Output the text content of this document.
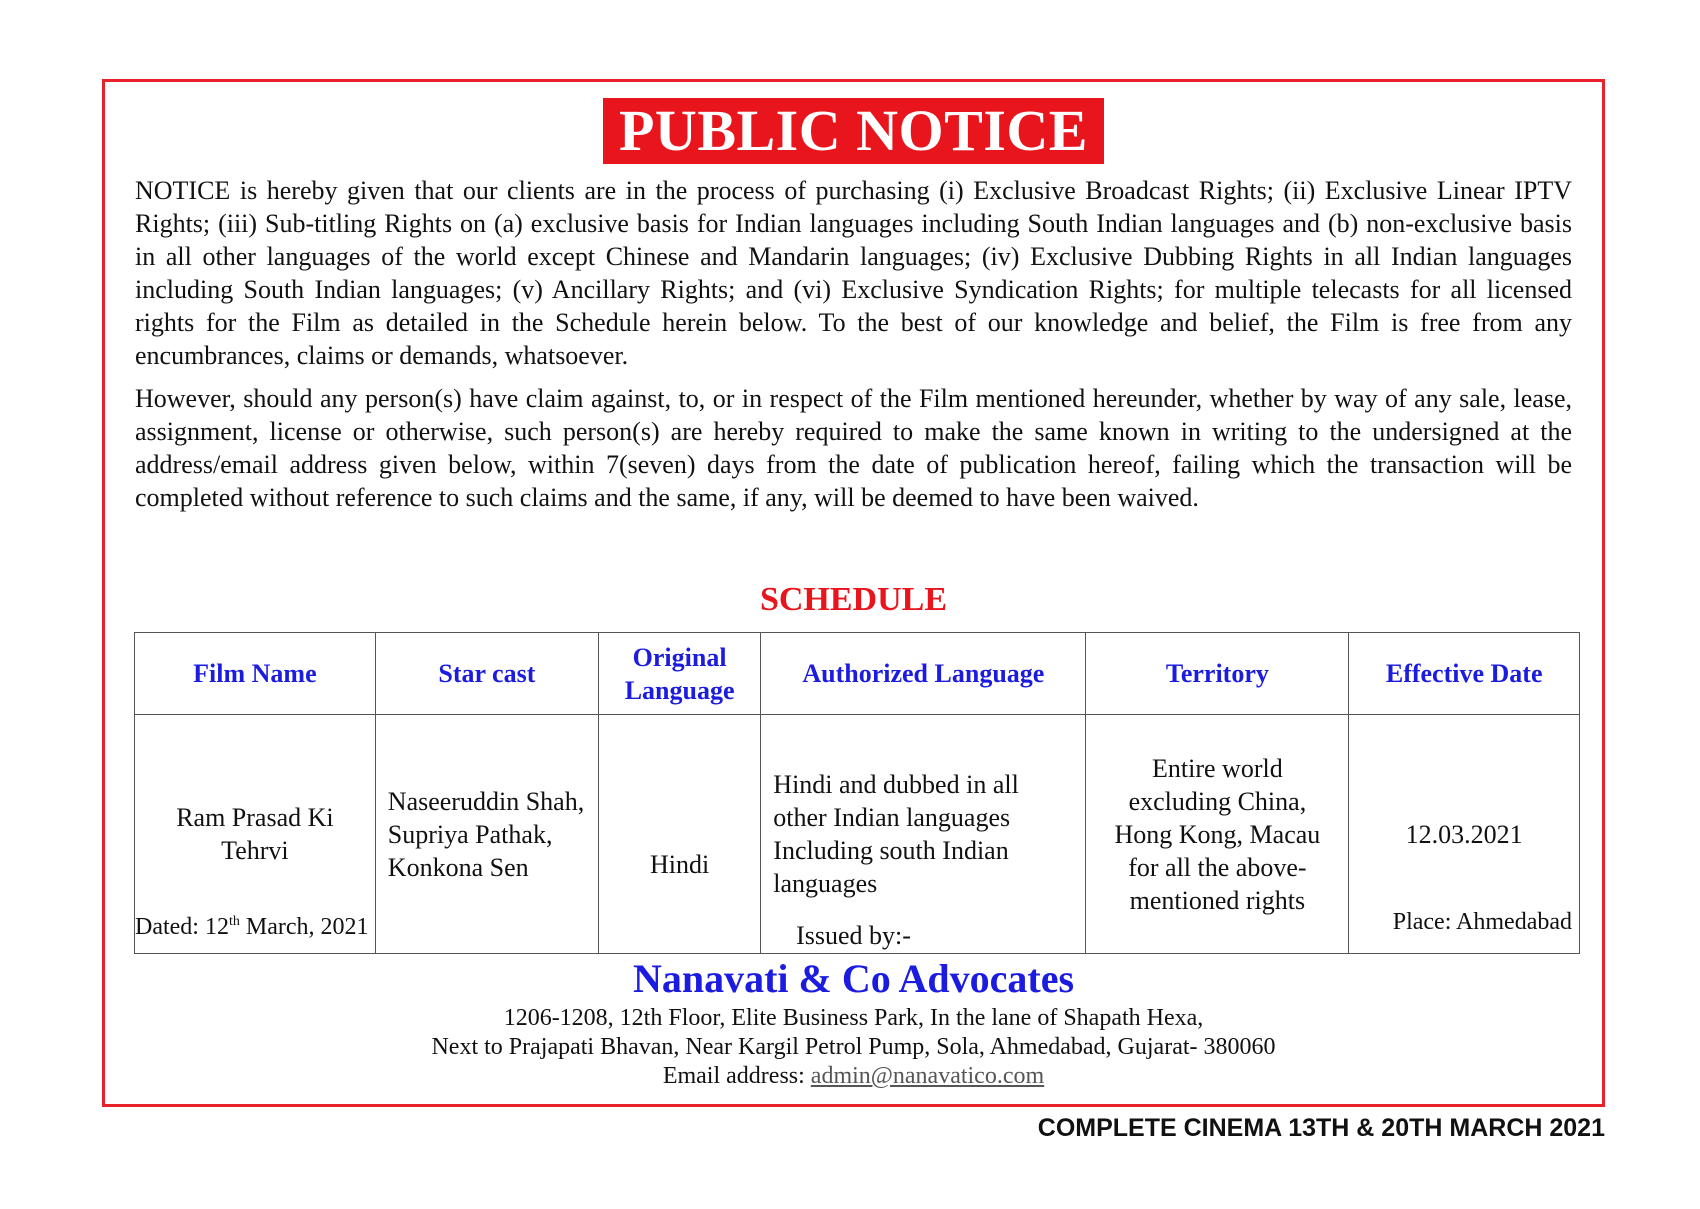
PUBLIC NOTICE

NOTICE is hereby given that our clients are in the process of purchasing (i) Exclusive Broadcast Rights; (ii) Exclusive Linear IPTV Rights; (iii) Sub-titling Rights on (a) exclusive basis for Indian languages including South Indian languages and (b) non-exclusive basis in all other languages of the world except Chinese and Mandarin languages; (iv) Exclusive Dubbing Rights in all Indian languages including South Indian languages; (v) Ancillary Rights; and (vi) Exclusive Syndication Rights; for multiple telecasts for all licensed rights for the Film as detailed in the Schedule herein below. To the best of our knowledge and belief, the Film is free from any encumbrances, claims or demands, whatsoever.

However, should any person(s) have claim against, to, or in respect of the Film mentioned hereunder, whether by way of any sale, lease, assignment, license or otherwise, such person(s) are hereby required to make the same known in writing to the undersigned at the address/email address given below, within 7(seven) days from the date of publication hereof, failing which the transaction will be completed without reference to such claims and the same, if any, will be deemed to have been waived.

SCHEDULE
Film Name	Star cast	Original Language	Authorized Language	Territory	Effective Date
Ram Prasad Ki Tehrvi	Naseeruddin Shah, Supriya Pathak, Konkona Sen	Hindi	Hindi and dubbed in all other Indian languages Including south Indian languages	Entire world excluding China, Hong Kong, Macau for all the above-mentioned rights	12.03.2021
Dated: 12th March, 2021	Place: Ahmedabad
Issued by:-
Nanavati & Co Advocates
1206-1208, 12th Floor, Elite Business Park, In the lane of Shapath Hexa,
Next to Prajapati Bhavan, Near Kargil Petrol Pump, Sola, Ahmedabad, Gujarat- 380060
Email address: admin@nanavatico.com
COMPLETE CINEMA 13TH & 20TH MARCH 2021
